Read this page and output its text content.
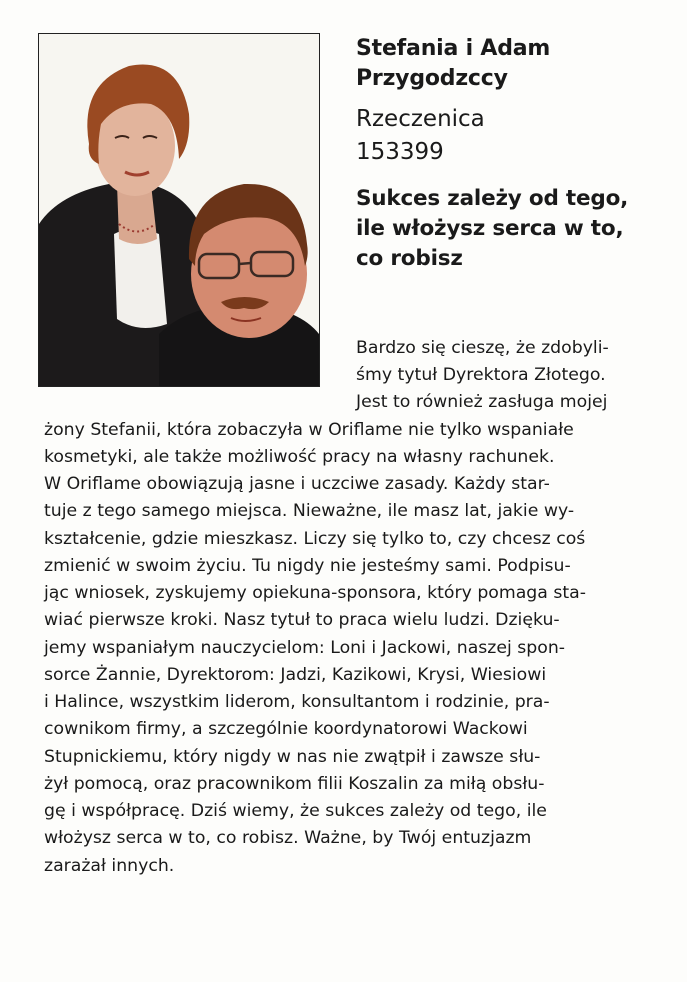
Stefania i Adam

Przygodzccy

Rzeczenica

153399

Sukces zależy od tego,
ile włożysz serca w to,
co robisz

Bardzo się cieszę, że zdobyli-
śmy tytuł Dyrektora Złotego.
Jest to również zasługa mojej
żony Stefanii, która zobaczyła w Oriflame nie tylko wspaniałe
kosmetyki, ale także możliwość pracy na własny rachunek.
W Oriflame obowiązują jasne i uczciwe zasady. Każdy star-
tuje z tego samego miejsca. Nieważne, ile masz lat, jakie wy-
kształcenie, gdzie mieszkasz. Liczy się tylko to, czy chcesz coś
zmienić w swoim życiu. Tu nigdy nie jesteśmy sami. Podpisu-
jąc wniosek, zyskujemy opiekuna-sponsora, który pomaga sta-
wiać pierwsze kroki. Nasz tytuł to praca wielu ludzi. Dzięku-
jemy wspaniałym nauczycielom: Loni i Jackowi, naszej spon-
sorce Żannie, Dyrektorom: Jadzi, Kazikowi, Krysi, Wiesiowi
i Halince, wszystkim liderom, konsultantom i rodzinie, pra-
cownikom firmy, a szczególnie koordynatorowi Wackowi
Stupnickiemu, który nigdy w nas nie zwątpił i zawsze słu-
żył pomocą, oraz pracownikom filii Koszalin za miłą obsłu-
gę i współpracę. Dziś wiemy, że sukces zależy od tego, ile
włożysz serca w to, co robisz. Ważne, by Twój entuzjazm
zarażał innych.
